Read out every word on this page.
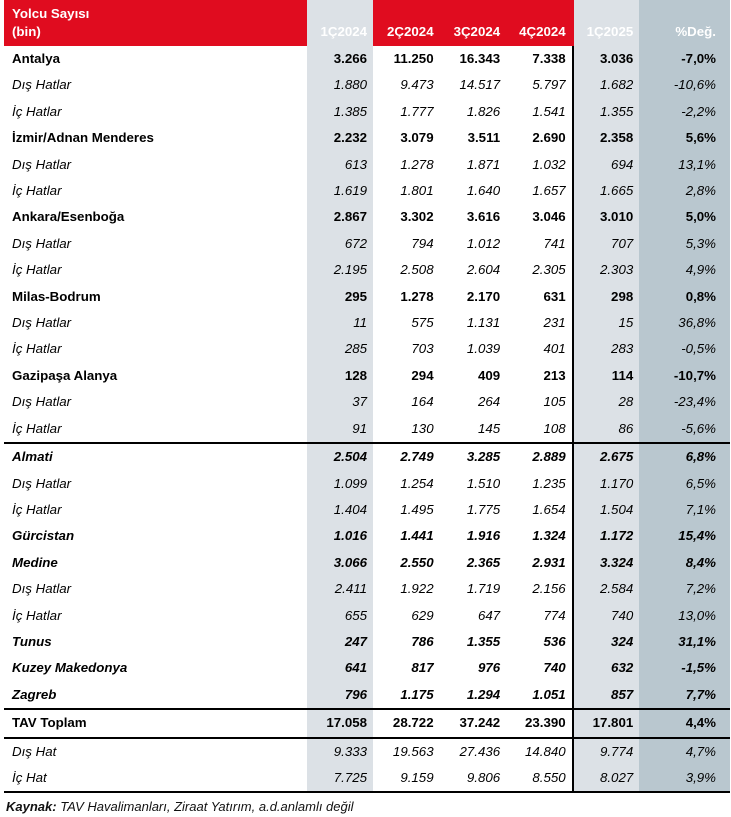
Yolcu Sayısı
(bin)	1Ç2024	2Ç2024	3Ç2024	4Ç2024	1Ç2025	%Değ.
Antalya	3.266	11.250	16.343	7.338	3.036	-7,0%
Dış Hatlar	1.880	9.473	14.517	5.797	1.682	-10,6%
İç Hatlar	1.385	1.777	1.826	1.541	1.355	-2,2%
İzmir/Adnan Menderes	2.232	3.079	3.511	2.690	2.358	5,6%
Dış Hatlar	613	1.278	1.871	1.032	694	13,1%
İç Hatlar	1.619	1.801	1.640	1.657	1.665	2,8%
Ankara/Esenboğa	2.867	3.302	3.616	3.046	3.010	5,0%
Dış Hatlar	672	794	1.012	741	707	5,3%
İç Hatlar	2.195	2.508	2.604	2.305	2.303	4,9%
Milas-Bodrum	295	1.278	2.170	631	298	0,8%
Dış Hatlar	11	575	1.131	231	15	36,8%
İç Hatlar	285	703	1.039	401	283	-0,5%
Gazipaşa Alanya	128	294	409	213	114	-10,7%
Dış Hatlar	37	164	264	105	28	-23,4%
İç Hatlar	91	130	145	108	86	-5,6%
Almati	2.504	2.749	3.285	2.889	2.675	6,8%
Dış Hatlar	1.099	1.254	1.510	1.235	1.170	6,5%
İç Hatlar	1.404	1.495	1.775	1.654	1.504	7,1%
Gürcistan	1.016	1.441	1.916	1.324	1.172	15,4%
Medine	3.066	2.550	2.365	2.931	3.324	8,4%
Dış Hatlar	2.411	1.922	1.719	2.156	2.584	7,2%
İç Hatlar	655	629	647	774	740	13,0%
Tunus	247	786	1.355	536	324	31,1%
Kuzey Makedonya	641	817	976	740	632	-1,5%
Zagreb	796	1.175	1.294	1.051	857	7,7%
TAV Toplam	17.058	28.722	37.242	23.390	17.801	4,4%
Dış Hat	9.333	19.563	27.436	14.840	9.774	4,7%
İç Hat	7.725	9.159	9.806	8.550	8.027	3,9%
Kaynak: TAV Havalimanları, Ziraat Yatırım, a.d.anlamlı değil
